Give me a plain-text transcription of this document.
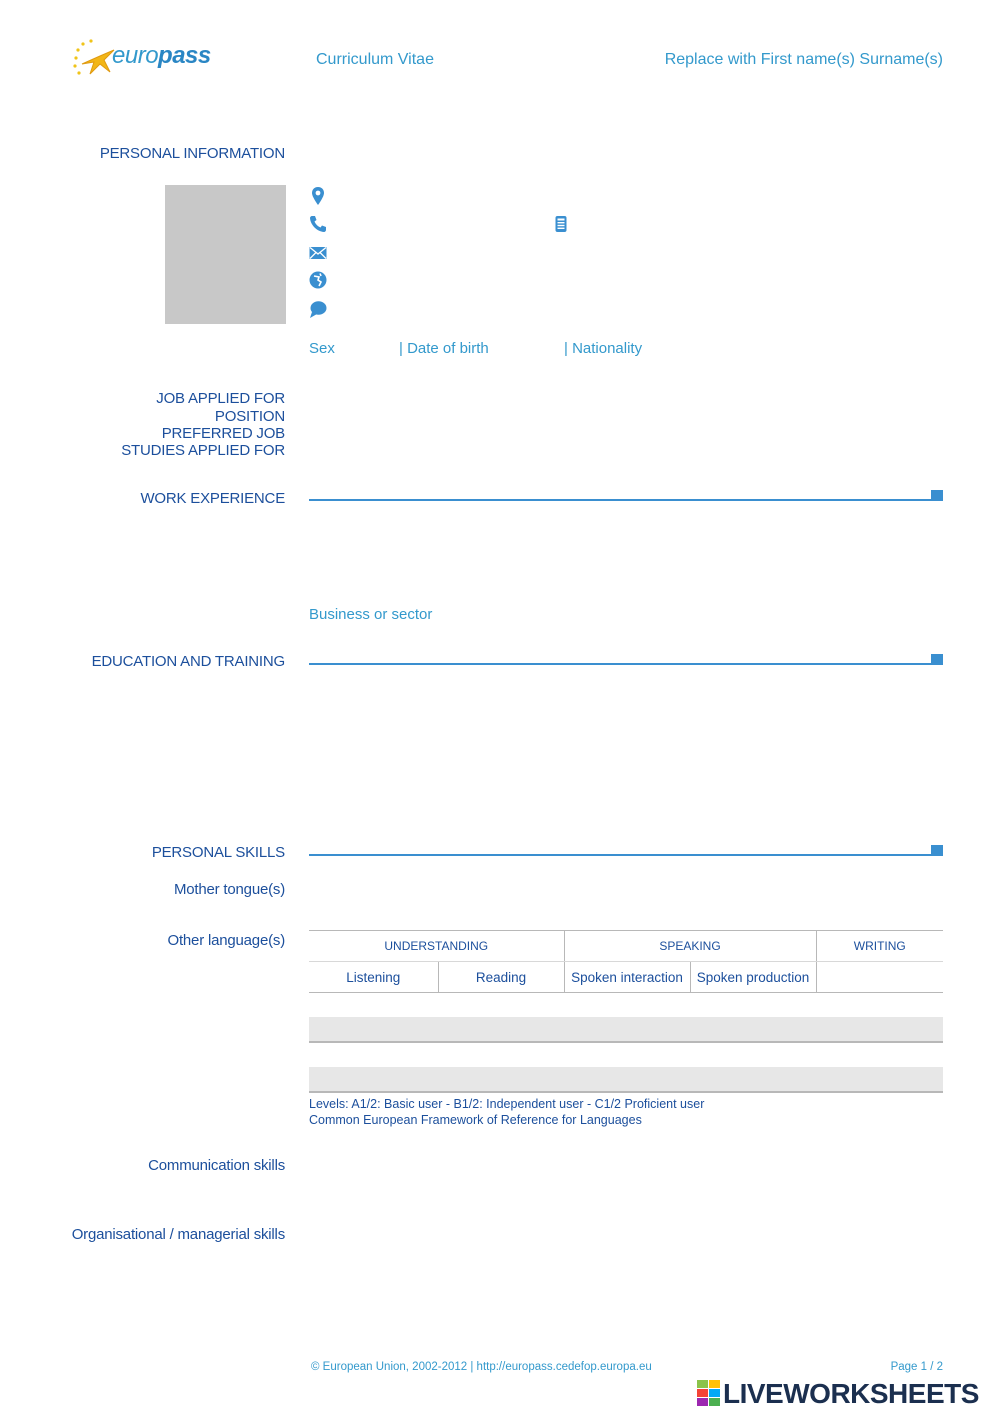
europass	Curriculum Vitae	Replace with First name(s) Surname(s)
PERSONAL INFORMATION
Sex	| Date of birth	| Nationality
JOB APPLIED FOR
POSITION
PREFERRED JOB
STUDIES APPLIED FOR
WORK EXPERIENCE
Business or sector
EDUCATION AND TRAINING
PERSONAL SKILLS
Mother tongue(s)
Other language(s)	UNDERSTANDING		SPEAKING		WRITING
Listening	Reading	Spoken interaction	Spoken production	

Levels: A1/2: Basic user - B1/2: Independent user - C1/2 Proficient user
Common European Framework of Reference for Languages
Communication skills
Organisational / managerial skills
© European Union, 2002-2012 | http://europass.cedefop.europa.eu	Page 1 / 2
LIVEWORKSHEETS
